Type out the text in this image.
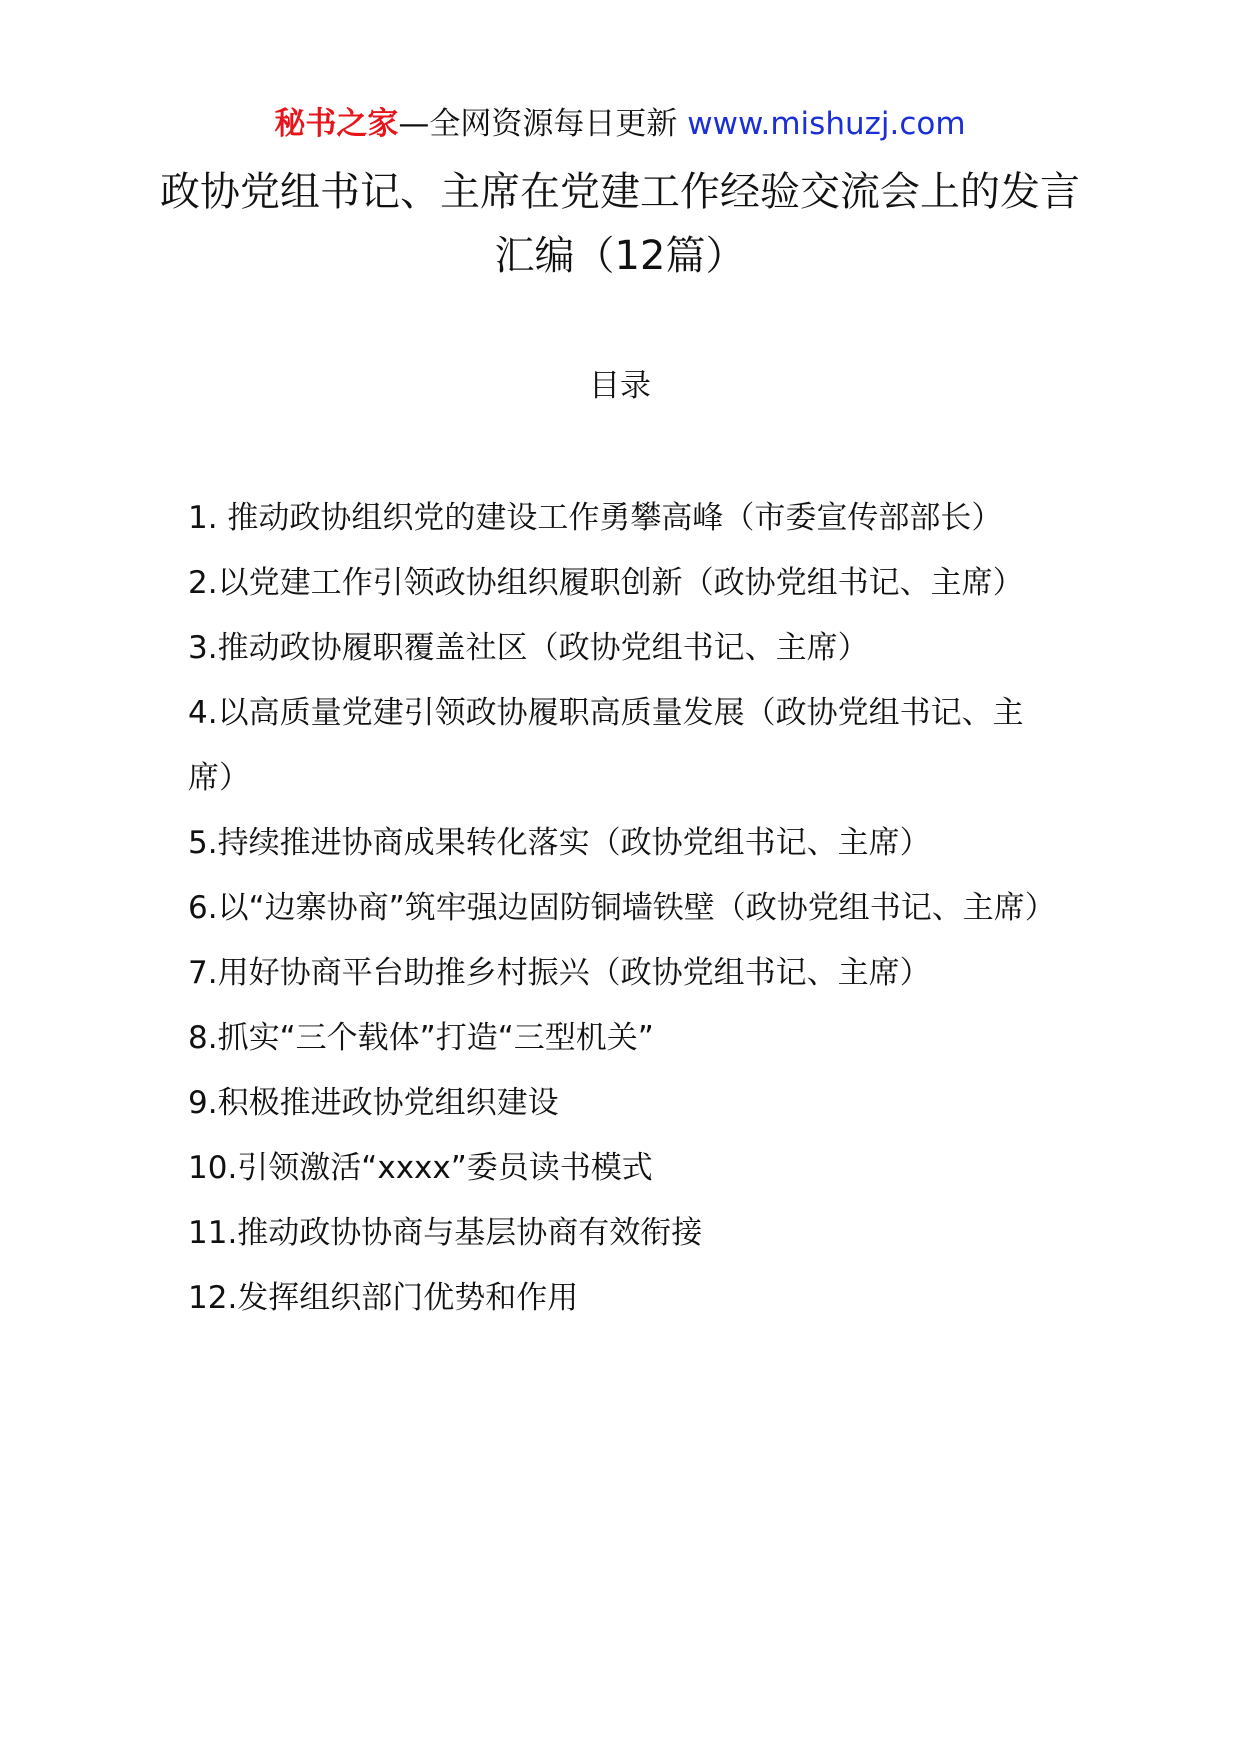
秘书之家—全网资源每日更新 www.mishuzj.com
政协党组书记、主席在党建工作经验交流会上的发言汇编（12篇）
目录
1. 推动政协组织党的建设工作勇攀高峰（市委宣传部部长）
2.以党建工作引领政协组织履职创新（政协党组书记、主席）
3.推动政协履职覆盖社区（政协党组书记、主席）
4.以高质量党建引领政协履职高质量发展（政协党组书记、主席）
5.持续推进协商成果转化落实（政协党组书记、主席）
6.以“边寨协商”筑牢强边固防铜墙铁壁（政协党组书记、主席）
7.用好协商平台助推乡村振兴（政协党组书记、主席）
8.抓实“三个载体”打造“三型机关”
9.积极推进政协党组织建设
10.引领激活“xxxx”委员读书模式
11.推动政协协商与基层协商有效衔接
12.发挥组织部门优势和作用
